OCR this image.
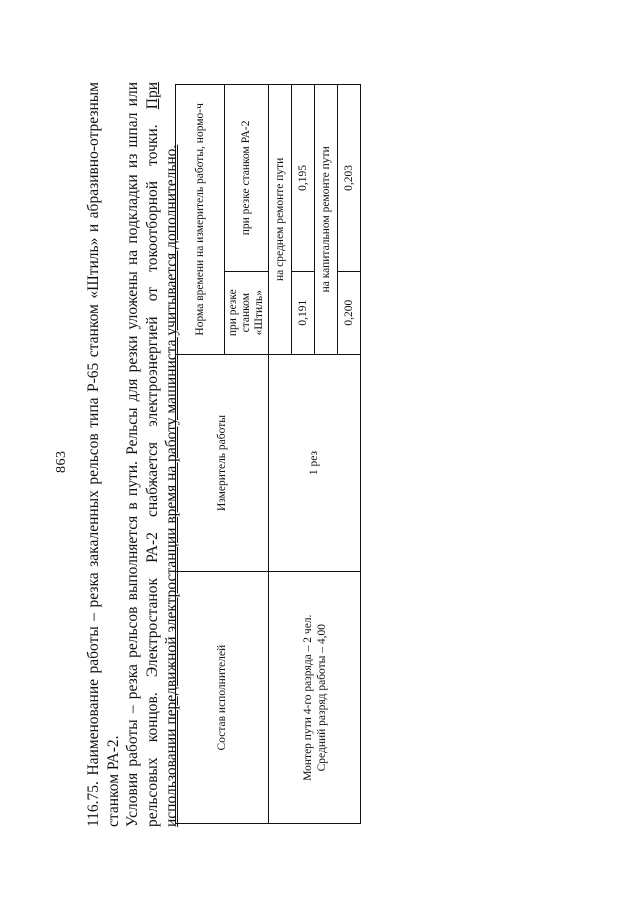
863 116.75. Наименование работы – резка закаленных рельсов типа Р-65 станком «Штиль» и абразивно-отрезным станком РА-2. Условия работы – резка рельсов выполняется в пути. Рельсы для резки уложены на подкладки из шпал или рельсовых концов. Электростанок РА-2 снабжается электроэнергией от токоотборной точки. При использовании передвижной электростанции время на работу машиниста учитывается дополнительно.	Состав исполнителей	Измеритель работы	Норма времени на измеритель работы, нормо-ч	
		при резке станком «Штиль»	при резке станком РА-2

Монтер пути 4-го разряда – 2 чел. Средний разряд работы – 4,00	1 рез	на среднем ремонте пути	
		0,191	0,195
		на капитальном ремонте пути	
		0,200	0,203
